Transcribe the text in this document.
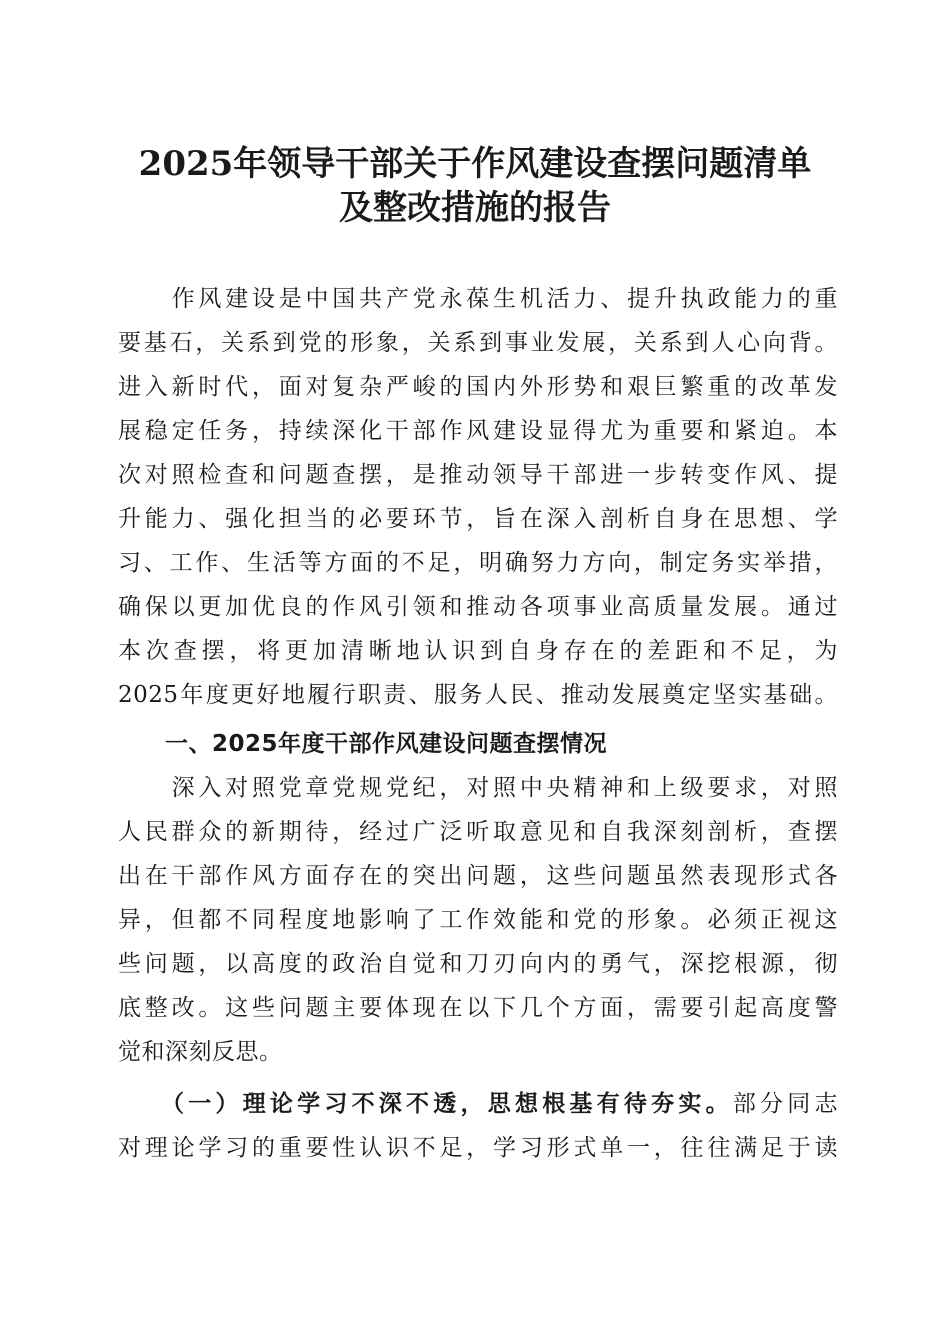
2025年领导干部关于作风建设查摆问题清单
及整改措施的报告
　　作风建设是中国共产党永葆生机活力、提升执政能力的重
要基石，关系到党的形象，关系到事业发展，关系到人心向背。
进入新时代，面对复杂严峻的国内外形势和艰巨繁重的改革发
展稳定任务，持续深化干部作风建设显得尤为重要和紧迫。本
次对照检查和问题查摆，是推动领导干部进一步转变作风、提
升能力、强化担当的必要环节，旨在深入剖析自身在思想、学
习、工作、生活等方面的不足，明确努力方向，制定务实举措，
确保以更加优良的作风引领和推动各项事业高质量发展。通过
本次查摆，将更加清晰地认识到自身存在的差距和不足，为
2025年度更好地履行职责、服务人民、推动发展奠定坚实基础。
　　一、2025年度干部作风建设问题查摆情况
　　深入对照党章党规党纪，对照中央精神和上级要求，对照
人民群众的新期待，经过广泛听取意见和自我深刻剖析，查摆
出在干部作风方面存在的突出问题，这些问题虽然表现形式各
异，但都不同程度地影响了工作效能和党的形象。必须正视这
些问题，以高度的政治自觉和刀刃向内的勇气，深挖根源，彻
底整改。这些问题主要体现在以下几个方面，需要引起高度警
觉和深刻反思。
　　（一）理论学习不深不透，思想根基有待夯实。部分同志
对理论学习的重要性认识不足，学习形式单一，往往满足于读
